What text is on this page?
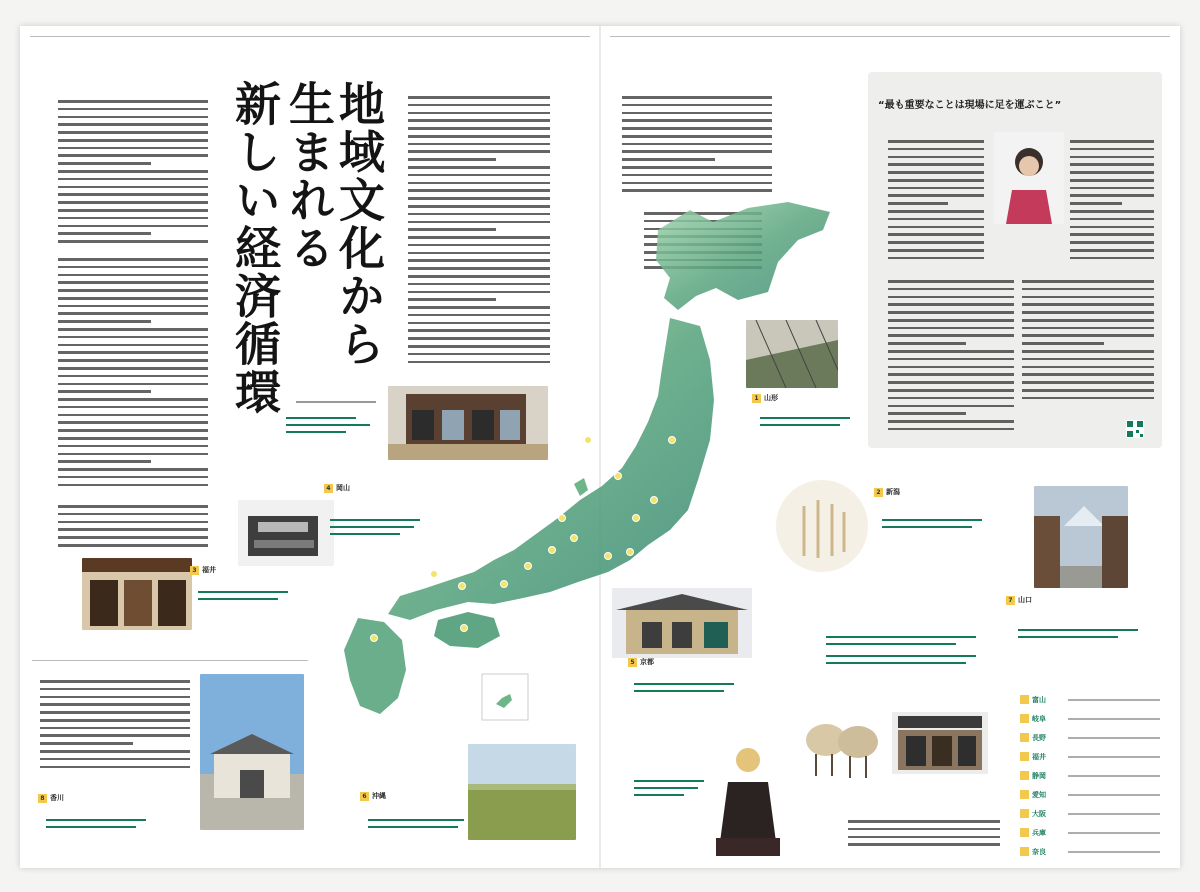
地域文化から
生まれる
新しい経済循環	“最も重要なことは現場に足を運ぶこと”
1 山形
2 新潟
3 福井
4 岡山
5 京都
6 沖縄
7 山口
8 香川
富山
岐阜
長野
福井
静岡
愛知
大阪
兵庫
奈良
